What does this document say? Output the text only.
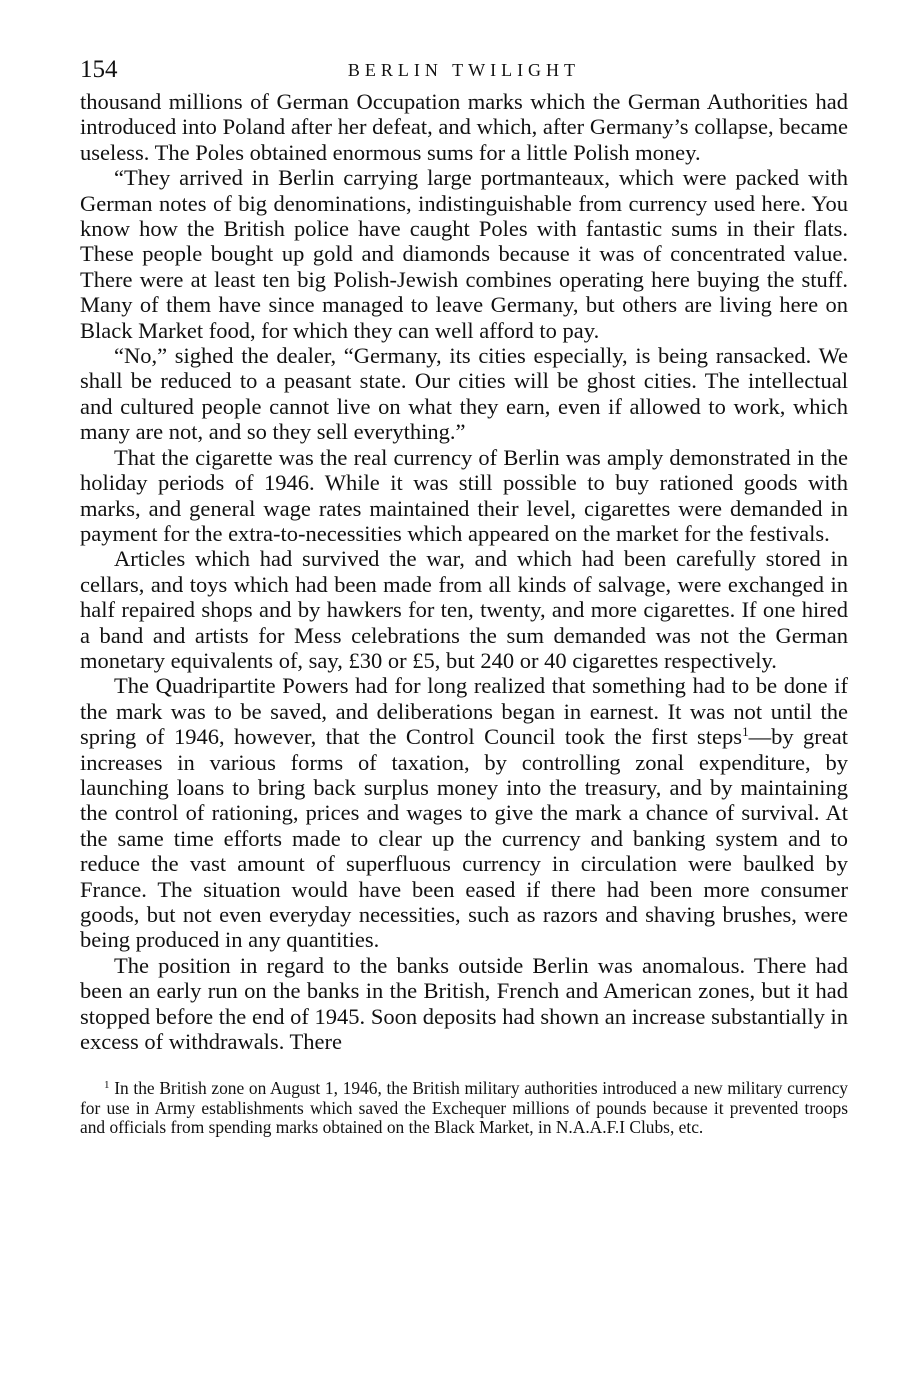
154	BERLIN TWILIGHT

thousand millions of German Occupation marks which the German Authorities had introduced into Poland after her defeat, and which, after Germany’s collapse, became useless. The Poles obtained enormous sums for a little Polish money.

“They arrived in Berlin carrying large portmanteaux, which were packed with German notes of big denominations, indistinguishable from currency used here. You know how the British police have caught Poles with fantastic sums in their flats. These people bought up gold and diamonds because it was of concentrated value. There were at least ten big Polish-Jewish combines operating here buying the stuff. Many of them have since managed to leave Germany, but others are living here on Black Market food, for which they can well afford to pay.

“No,” sighed the dealer, “Germany, its cities especially, is being ransacked. We shall be reduced to a peasant state. Our cities will be ghost cities. The intellectual and cultured people cannot live on what they earn, even if allowed to work, which many are not, and so they sell everything.”

That the cigarette was the real currency of Berlin was amply demonstrated in the holiday periods of 1946. While it was still possible to buy rationed goods with marks, and general wage rates maintained their level, cigarettes were demanded in payment for the extra-to-necessities which appeared on the market for the festivals.

Articles which had survived the war, and which had been carefully stored in cellars, and toys which had been made from all kinds of salvage, were exchanged in half repaired shops and by hawkers for ten, twenty, and more cigarettes. If one hired a band and artists for Mess celebrations the sum demanded was not the German monetary equivalents of, say, £30 or £5, but 240 or 40 cigarettes respectively.

The Quadripartite Powers had for long realized that something had to be done if the mark was to be saved, and deliberations began in earnest. It was not until the spring of 1946, however, that the Control Council took the first steps$^1$—by great increases in various forms of taxation, by controlling zonal expenditure, by launching loans to bring back surplus money into the treasury, and by maintaining the control of rationing, prices and wages to give the mark a chance of survival. At the same time efforts made to clear up the currency and banking system and to reduce the vast amount of superfluous currency in circulation were baulked by France. The situation would have been eased if there had been more consumer goods, but not even everyday necessities, such as razors and shaving brushes, were being produced in any quantities.

The position in regard to the banks outside Berlin was anomalous. There had been an early run on the banks in the British, French and American zones, but it had stopped before the end of 1945. Soon deposits had shown an increase substantially in excess of withdrawals. There

$^1$ In the British zone on August 1, 1946, the British military authorities introduced a new military currency for use in Army establishments which saved the Exchequer millions of pounds because it prevented troops and officials from spending marks obtained on the Black Market, in N.A.A.F.I Clubs, etc.
